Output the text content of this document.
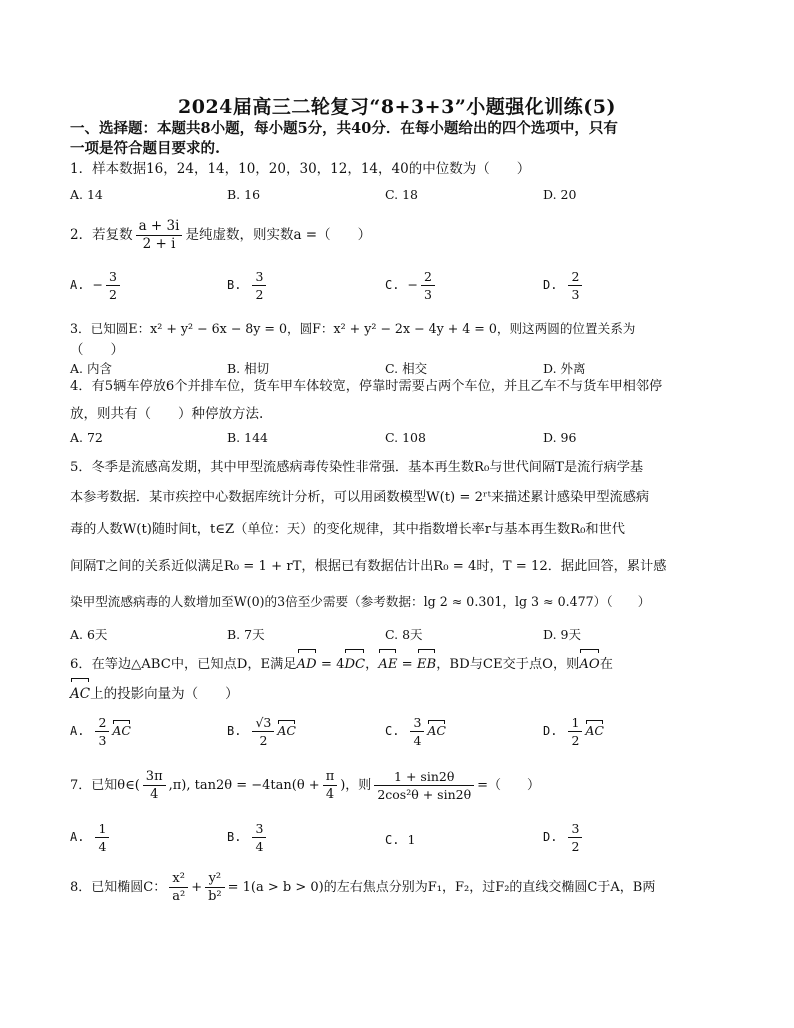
2024届高三二轮复习“8+3+3”小题强化训练(5)
一、选择题：本题共8小题，每小题5分，共40分．在每小题给出的四个选项中，只有
一项是符合题目要求的.
1．样本数据16，24，14，10，20，30，12，14，40的中位数为（　　）
A. 14	B. 16	C. 18	D. 20
2．若复数 $\frac{a + 3i}{2 + i}$ 是纯虚数，则实数a =（　　）
A. − $\frac{3}{2}$	B. $\frac{3}{2}$	C. − $\frac{2}{3}$	D. $\frac{2}{3}$
3．已知圆E：x² + y² − 6x − 8y = 0，圆F：x² + y² − 2x − 4y + 4 = 0，则这两圆的位置关系为
（　　）
A. 内含	B. 相切	C. 相交	D. 外离
4．有5辆车停放6个并排车位，货车甲车体较宽，停靠时需要占两个车位，并且乙车不与货车甲相邻停
放，则共有（　　）种停放方法.
A. 72	B. 144	C. 108	D. 96
5．冬季是流感高发期，其中甲型流感病毒传染性非常强．基本再生数R₀与世代间隔T是流行病学基
本参考数据．某市疾控中心数据库统计分析，可以用函数模型W(t) = 2ʳᵗ来描述累计感染甲型流感病
毒的人数W(t)随时间t，t∈Z（单位：天）的变化规律，其中指数增长率r与基本再生数R₀和世代
间隔T之间的关系近似满足R₀ = 1 + rT，根据已有数据估计出R₀ = 4时，T = 12．据此回答，累计感
染甲型流感病毒的人数增加至W(0)的3倍至少需要（参考数据：lg 2 ≈ 0.301，lg 3 ≈ 0.477）（　　）
A. 6天	B. 7天	C. 8天	D. 9天
6．在等边△ABC中，已知点D，E满足AD = 4DC，AE = EB，BD与CE交于点O，则AO在
AC上的投影向量为（　　）
A. $\frac{2}{3}$ AC	B. $\frac{√3}{2}$ AC	C. $\frac{3}{4}$ AC	D. $\frac{1}{2}$ AC
7．已知θ∈( $\frac{3\pi}{4} ,\pi$), $\tan 2\theta = -4\tan(\theta + \frac{\pi}{4}$ )，则 $\frac{1 + \sin 2\theta}{\text{2cos²θ + sin2θ}}$ =（　　）
A. $\frac{1}{4}$	B. $\frac{3}{4}$	C. 1	D. $\frac{3}{2}$
8．已知椭圆C： $\frac{\text{x²}}{\text{a²}} + \frac{\text{y²}}{\text{b²}} = 1(a > b > 0)$的左右焦点分别为F₁，F₂，过F₂的直线交椭圆C于A，B两
